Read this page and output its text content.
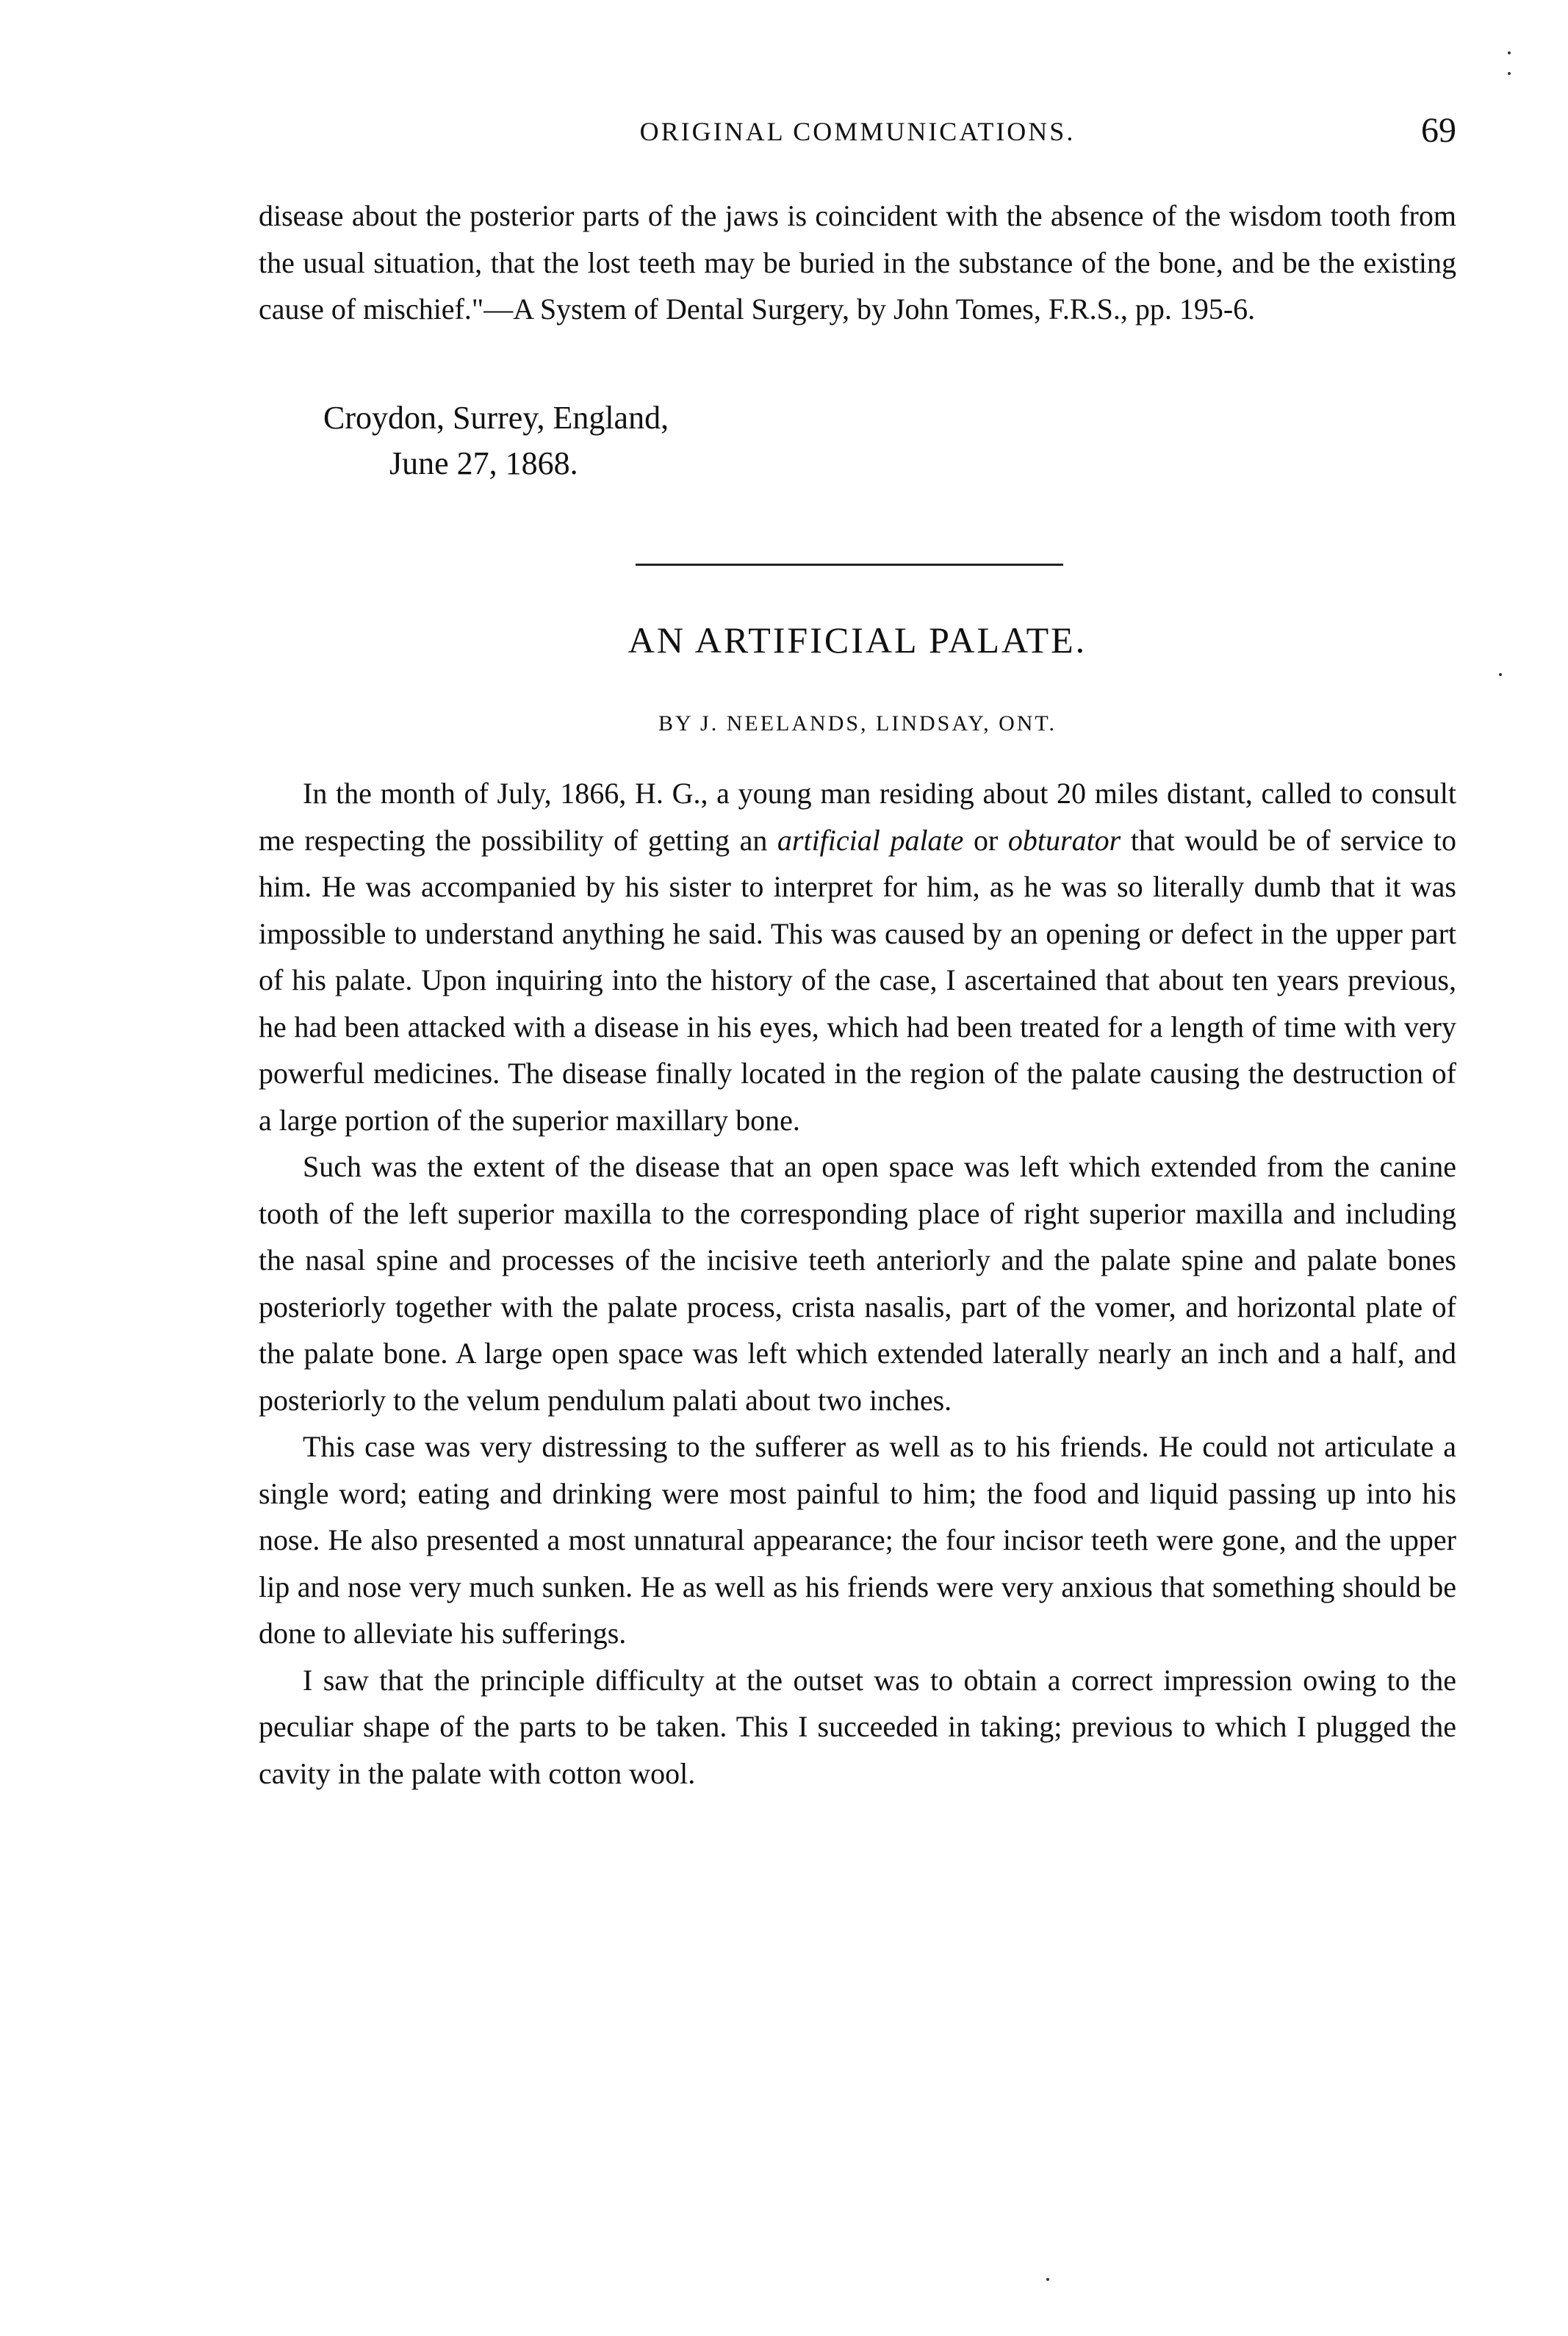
ORIGINAL COMMUNICATIONS.	69

disease about the posterior parts of the jaws is coincident with the absence of the wisdom tooth from the usual situation, that the lost teeth may be buried in the substance of the bone, and be the existing cause of mischief."—A System of Dental Surgery, by John Tomes, F.R.S., pp. 195-6.

Croydon, Surrey, England,
June 27, 1868.
AN ARTIFICIAL PALATE.
BY J. NEELANDS, LINDSAY, ONT.

In the month of July, 1866, H. G., a young man residing about 20 miles distant, called to consult me respecting the possibility of getting an artificial palate or obturator that would be of service to him. He was accompanied by his sister to interpret for him, as he was so literally dumb that it was impossible to understand anything he said. This was caused by an opening or defect in the upper part of his palate. Upon inquiring into the history of the case, I ascertained that about ten years previous, he had been attacked with a disease in his eyes, which had been treated for a length of time with very powerful medicines. The disease finally located in the region of the palate causing the destruction of a large portion of the superior maxillary bone.

Such was the extent of the disease that an open space was left which extended from the canine tooth of the left superior maxilla to the corresponding place of right superior maxilla and including the nasal spine and processes of the incisive teeth anteriorly and the palate spine and palate bones posteriorly together with the palate process, crista nasalis, part of the vomer, and horizontal plate of the palate bone. A large open space was left which extended laterally nearly an inch and a half, and posteriorly to the velum pendulum palati about two inches.

This case was very distressing to the sufferer as well as to his friends. He could not articulate a single word; eating and drinking were most painful to him; the food and liquid passing up into his nose. He also presented a most unnatural appearance; the four incisor teeth were gone, and the upper lip and nose very much sunken. He as well as his friends were very anxious that something should be done to alleviate his sufferings.

I saw that the principle difficulty at the outset was to obtain a correct impression owing to the peculiar shape of the parts to be taken. This I succeeded in taking; previous to which I plugged the cavity in the palate with cotton wool.
